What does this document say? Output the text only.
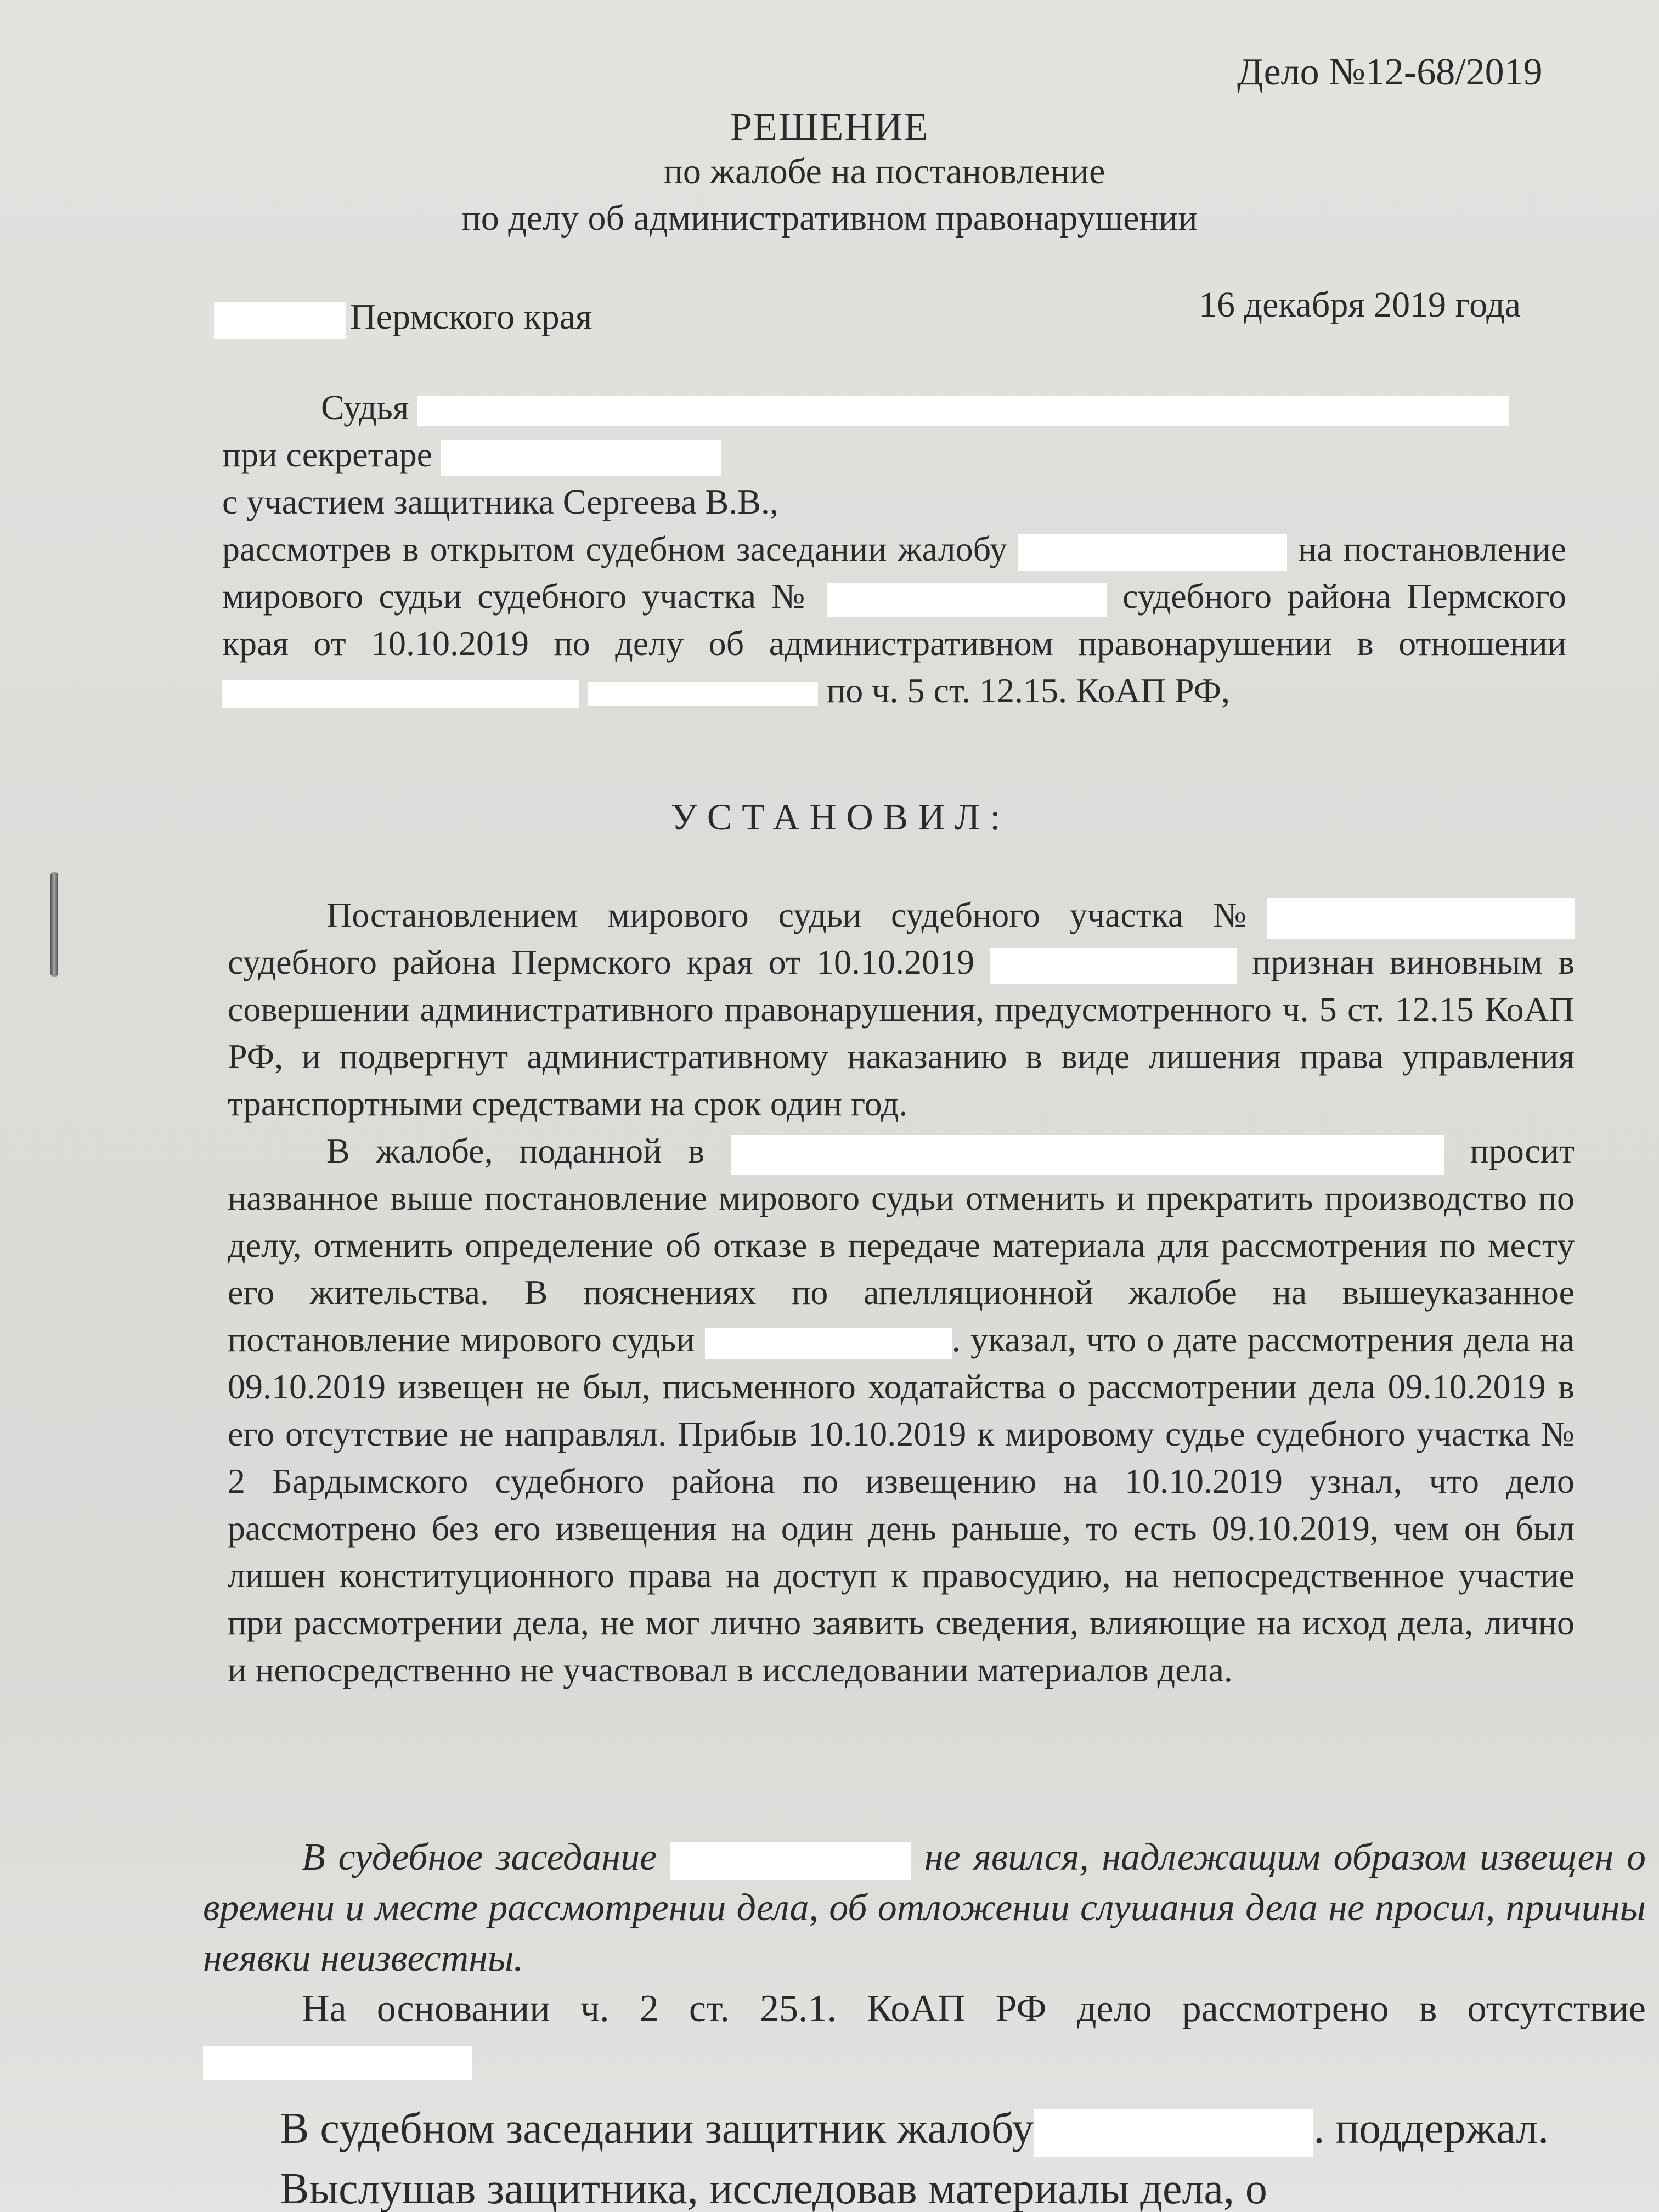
Дело №12-68/2019
РЕШЕНИЕ
по жалобе на постановление
по делу об административном правонарушении
Пермского края	16 декабря 2019 года

Судья

при секретаре

с участием защитника Сергеева В.В.,

рассмотрев в открытом судебном заседании жалобу	на постановление мирового судьи судебного участка №	судебного района Пермского края от 10.10.2019 по делу об административном правонарушении в отношении   по ч. 5 ст. 12.15. КоАП РФ,

УСТАНОВИЛ:

Постановлением мирового судьи судебного участка № судебного района Пермского края от 10.10.2019	признан виновным в совершении административного правонарушения, предусмотренного ч. 5 ст. 12.15 КоАП РФ, и подвергнут административному наказанию в виде лишения права управления транспортными средствами на срок один год.

В жалобе, поданной в	просит названное выше постановление мирового судьи отменить и прекратить производство по делу, отменить определение об отказе в передаче материала для рассмотрения по месту его жительства. В пояснениях по апелляционной жалобе на вышеуказанное постановление мирового судьи	. указал, что о дате рассмотрения дела на 09.10.2019 извещен не был, письменного ходатайства о рассмотрении дела 09.10.2019 в его отсутствие не направлял. Прибыв 10.10.2019 к мировому судье судебного участка № 2 Бардымского судебного района по извещению на 10.10.2019 узнал, что дело рассмотрено без его извещения на один день раньше, то есть 09.10.2019, чем он был лишен конституционного права на доступ к правосудию, на непосредственное участие при рассмотрении дела, не мог лично заявить сведения, влияющие на исход дела, лично и непосредственно не участвовал в исследовании материалов дела.

В судебное заседание	не явился, надлежащим образом извещен о времени и месте рассмотрении дела, об отложении слушания дела не просил, причины неявки неизвестны.

На основании ч. 2 ст. 25.1. КоАП РФ дело рассмотрено в отсутствие

В судебном заседании защитник жалобу	. поддержал.

Выслушав защитника, исследовав материалы дела, о
